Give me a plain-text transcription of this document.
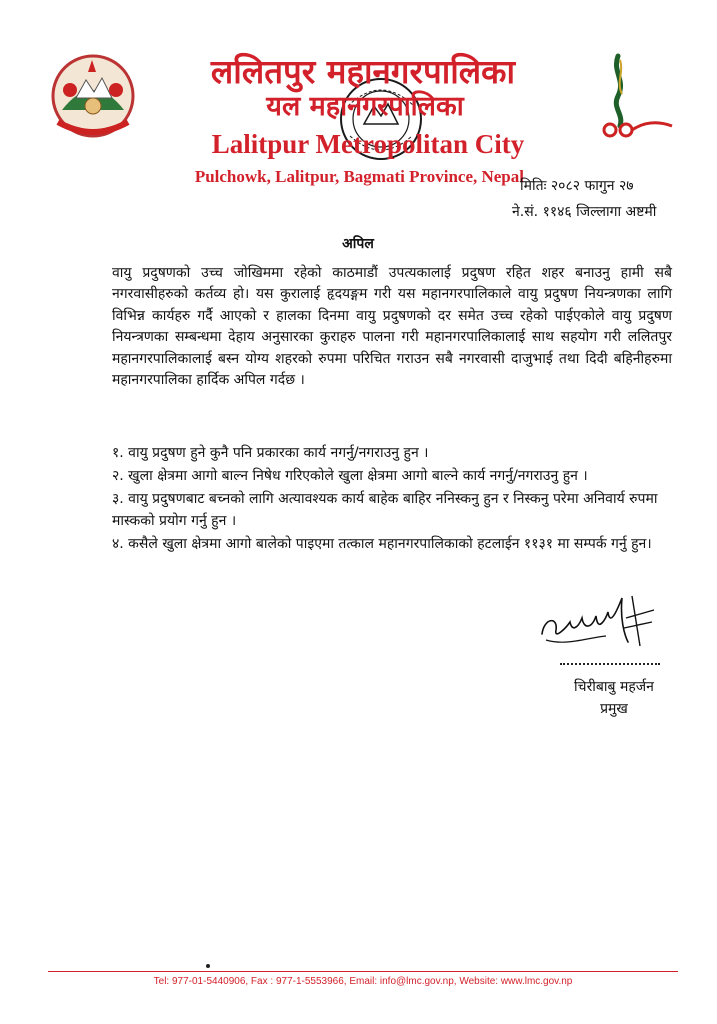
ललितपुर महानगरपालिका
यल महानगरपालिका
Lalitpur Metropolitan City
Pulchowk, Lalitpur, Bagmati Province, Nepal
मितिः २०८२ फागुन २७
ने.सं. ११४६ जिल्लागा अष्टमी
अपिल
वायु प्रदुषणको उच्च जोखिममा रहेको काठमाडौं उपत्यकालाई प्रदुषण रहित शहर बनाउनु हामी सबै नगरवासीहरुको कर्तव्य हो। यस कुरालाई हृदयङ्गम गरी यस महानगरपालिकाले वायु प्रदुषण नियन्त्रणका लागि विभिन्न कार्यहरु गर्दै आएको र हालका दिनमा वायु प्रदुषणको दर समेत उच्च रहेको पाईएकोले वायु प्रदुषण नियन्त्रणका सम्बन्धमा देहाय अनुसारका कुराहरु पालना गरी महानगरपालिकालाई साथ सहयोग गरी ललितपुर महानगरपालिकालाई बस्न योग्य शहरको रुपमा परिचित गराउन सबै नगरवासी दाजुभाई तथा दिदी बहिनीहरुमा महानगरपालिका हार्दिक अपिल गर्दछ ।

१. वायु प्रदुषण हुने कुनै पनि प्रकारका कार्य नगर्नु/नगराउनु हुन ।

२. खुला क्षेत्रमा आगो बाल्न निषेध गरिएकोले खुला क्षेत्रमा आगो बाल्ने कार्य नगर्नु/नगराउनु हुन ।

३. वायु प्रदुषणबाट बच्नको लागि अत्यावश्यक कार्य बाहेक बाहिर ननिस्कनु हुन र निस्कनु परेमा अनिवार्य रुपमा मास्कको प्रयोग गर्नु हुन ।

४. कसैले खुला क्षेत्रमा आगो बालेको पाइएमा तत्काल महानगरपालिकाको हटलाईन ११३१ मा सम्पर्क गर्नु हुन।

चिरीबाबु महर्जन
प्रमुख
Tel: 977-01-5440906, Fax : 977-1-5553966, Email: info@lmc.gov.np, Website: www.lmc.gov.np
